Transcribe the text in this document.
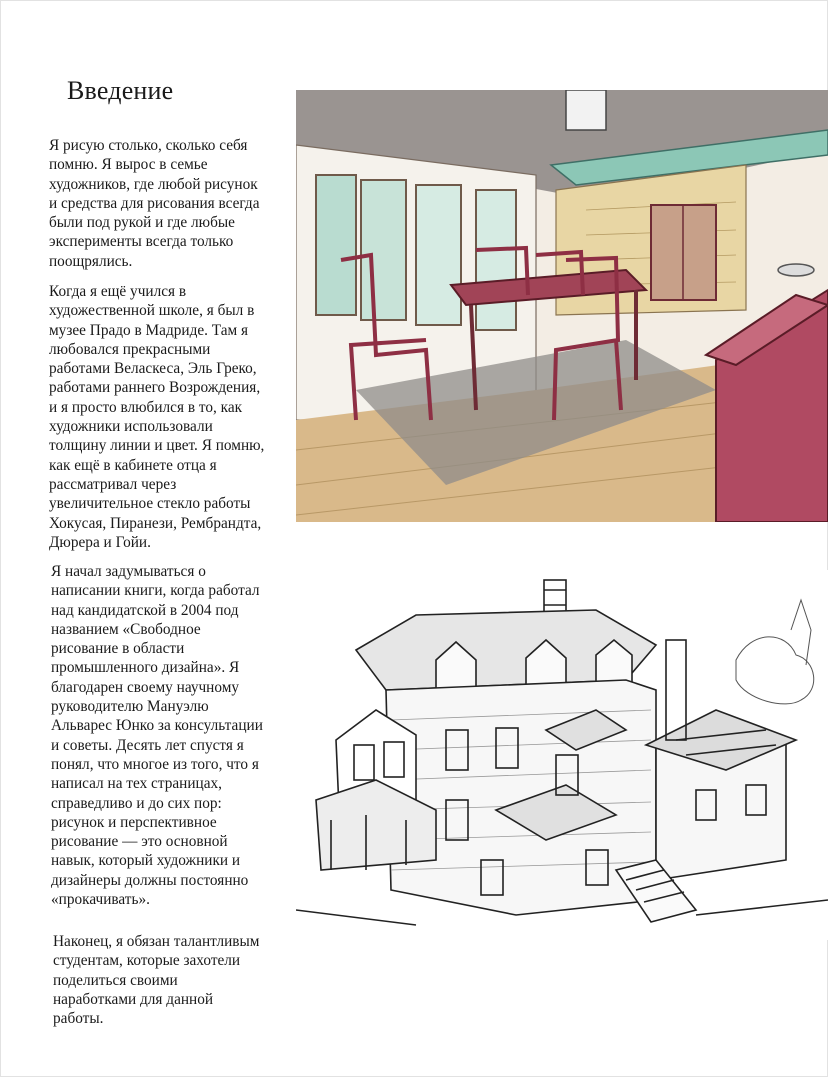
Введение

Я рисую столько, сколько себя
помню. Я вырос в семье
художников, где любой рисунок
и средства для рисования всегда
были под рукой и где любые
эксперименты всегда только
поощрялись.

Когда я ещё учился в
художественной школе, я был в
музее Прадо в Мадриде. Там я
любовался прекрасными
работами Веласкеса, Эль Греко,
работами раннего Возрождения,
и я просто влюбился в то, как
художники использовали
толщину линии и цвет. Я помню,
как ещё в кабинете отца я
рассматривал через
увеличительное стекло работы
Хокусая, Пиранези, Рембрандта,
Дюрера и Гойи.

Я начал задумываться о
написании книги, когда работал
над кандидатской в 2004 под
названием «Свободное
рисование в области
промышленного дизайна». Я
благодарен своему научному
руководителю Мануэлю
Альварес Юнко за консультации
и советы. Десять лет спустя я
понял, что многое из того, что я
написал на тех страницах,
справедливо и до сих пор:
рисунок и перспективное
рисование — это основной
навык, который художники и
дизайнеры должны постоянно
«прокачивать».

Наконец, я обязан талантливым
студентам, которые захотели
поделиться своими
наработками для данной
работы.
